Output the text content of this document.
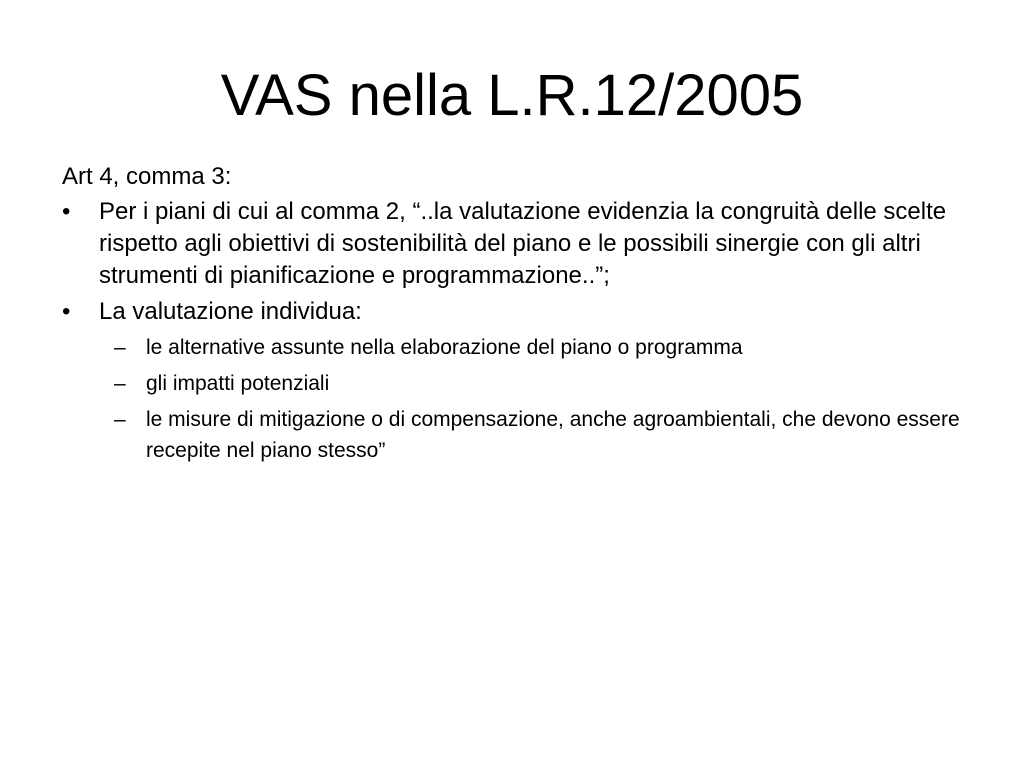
VAS nella L.R.12/2005
Art 4, comma 3:
•	Per i piani di cui al comma 2, “..la valutazione evidenzia la congruità delle scelte rispetto agli obiettivi di sostenibilità del piano e le possibili sinergie con gli altri strumenti di pianificazione e programmazione..”;
•	La valutazione individua:
– le alternative assunte nella elaborazione del piano o programma
– gli impatti potenziali
– le misure di mitigazione o di compensazione, anche agroambientali, che devono essere recepite nel piano stesso”
